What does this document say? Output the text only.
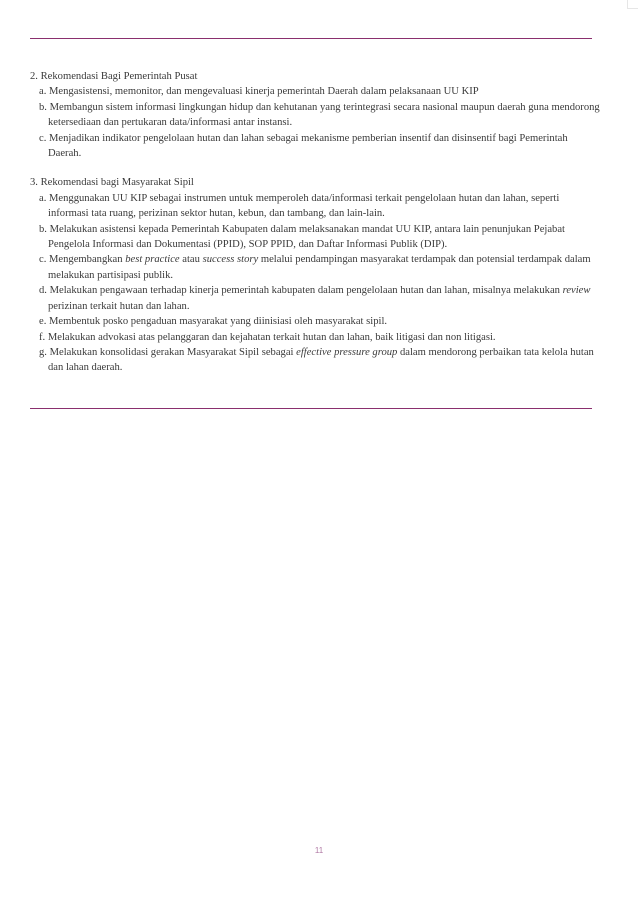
2. Rekomendasi Bagi Pemerintah Pusat

a. Mengasistensi, memonitor, dan mengevaluasi kinerja pemerintah Daerah dalam pelaksanaan UU KIP

b. Membangun sistem informasi lingkungan hidup dan kehutanan yang terintegrasi secara nasional maupun daerah guna mendorong ketersediaan dan pertukaran data/informasi antar instansi.

c. Menjadikan indikator pengelolaan hutan dan lahan sebagai mekanisme pemberian insentif dan disinsentif bagi Pemerintah Daerah.

3. Rekomendasi bagi Masyarakat Sipil

a. Menggunakan UU KIP sebagai instrumen untuk memperoleh data/informasi terkait pengelolaan hutan dan lahan, seperti informasi tata ruang, perizinan sektor hutan, kebun, dan tambang, dan lain-lain.

b. Melakukan asistensi kepada Pemerintah Kabupaten dalam melaksanakan mandat UU KIP, antara lain penunjukan Pejabat Pengelola Informasi dan Dokumentasi (PPID), SOP PPID, dan Daftar Informasi Publik (DIP).

c. Mengembangkan best practice atau success story melalui pendampingan masyarakat terdampak dan potensial terdampak dalam melakukan partisipasi publik.

d. Melakukan pengawaan terhadap kinerja pemerintah kabupaten dalam pengelolaan hutan dan lahan, misalnya melakukan review perizinan terkait hutan dan lahan.

e. Membentuk posko pengaduan masyarakat yang diinisiasi oleh masyarakat sipil.

f. Melakukan advokasi atas pelanggaran dan kejahatan terkait hutan dan lahan, baik litigasi dan non litigasi.

g. Melakukan konsolidasi gerakan Masyarakat Sipil sebagai effective pressure group dalam mendorong perbaikan tata kelola hutan dan lahan daerah.

11
